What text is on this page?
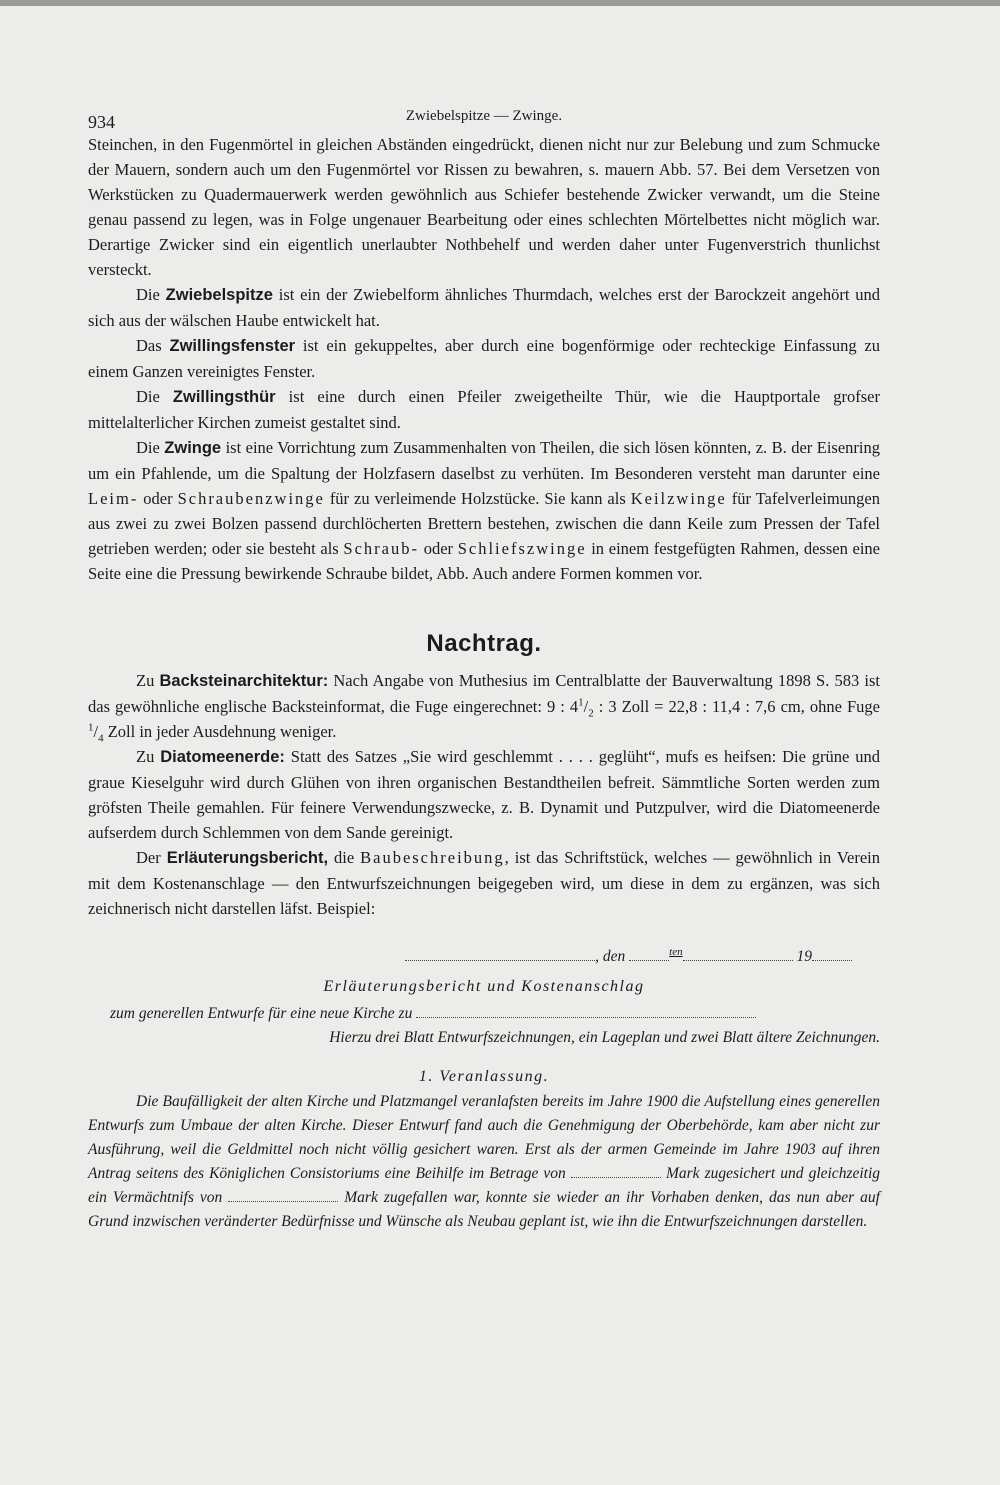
934	Zwiebelspitze — Zwinge.

Steinchen, in den Fugenmörtel in gleichen Abständen eingedrückt, dienen nicht nur zur Belebung und zum Schmucke der Mauern, sondern auch um den Fugenmörtel vor Rissen zu bewahren, s. mauern Abb. 57. Bei dem Versetzen von Werkstücken zu Quadermauerwerk werden gewöhnlich aus Schiefer bestehende Zwicker verwandt, um die Steine genau passend zu legen, was in Folge ungenauer Bearbeitung oder eines schlechten Mörtelbettes nicht möglich war. Derartige Zwicker sind ein eigentlich unerlaubter Nothbehelf und werden daher unter Fugenverstrich thunlichst versteckt.

Die Zwiebelspitze ist ein der Zwiebelform ähnliches Thurmdach, welches erst der Barockzeit angehört und sich aus der wälschen Haube entwickelt hat.

Das Zwillingsfenster ist ein gekuppeltes, aber durch eine bogenförmige oder rechteckige Einfassung zu einem Ganzen vereinigtes Fenster.

Die Zwillingsthür ist eine durch einen Pfeiler zweigetheilte Thür, wie die Hauptportale grofser mittelalterlicher Kirchen zumeist gestaltet sind.

Die Zwinge ist eine Vorrichtung zum Zusammenhalten von Theilen, die sich lösen könnten, z. B. der Eisenring um ein Pfahlende, um die Spaltung der Holzfasern daselbst zu verhüten. Im Besonderen versteht man darunter eine Leim- oder Schraubenzwinge für zu verleimende Holzstücke. Sie kann als Keilzwinge für Tafelverleimungen aus zwei zu zwei Bolzen passend durchlöcherten Brettern bestehen, zwischen die dann Keile zum Pressen der Tafel getrieben werden; oder sie besteht als Schraub- oder Schliefszwinge in einem festgefügten Rahmen, dessen eine Seite eine die Pressung bewirkende Schraube bildet, Abb. Auch andere Formen kommen vor.

Nachtrag.

Zu Backsteinarchitektur: Nach Angabe von Muthesius im Centralblatte der Bauverwaltung 1898 S. 583 ist das gewöhnliche englische Backsteinformat, die Fuge eingerechnet: 9 : $4^1/_2$ : 3 Zoll = 22,8 : 11,4 : 7,6 cm, ohne Fuge $^1/_4$ Zoll in jeder Ausdehnung weniger.

Zu Diatomeenerde: Statt des Satzes „Sie wird geschlemmt . . . . geglüht“, mufs es heifsen: Die grüne und graue Kieselguhr wird durch Glühen von ihren organischen Bestandtheilen befreit. Sämmtliche Sorten werden zum gröfsten Theile gemahlen. Für feinere Verwendungszwecke, z. B. Dynamit und Putzpulver, wird die Diatomeenerde aufserdem durch Schlemmen von dem Sande gereinigt.

Der Erläuterungsbericht, die Baubeschreibung, ist das Schriftstück, welches — gewöhnlich in Verein mit dem Kostenanschlage — den Entwurfszeichnungen beigegeben wird, um diese in dem zu ergänzen, was sich zeichnerisch nicht darstellen läfst. Beispiel:

, den	$^{ten}$	19
Erläuterungsbericht und Kostenanschlag
zum generellen Entwurfe für eine neue Kirche zu
Hierzu drei Blatt Entwurfszeichnungen, ein Lageplan und zwei Blatt ältere Zeichnungen.
1. Veranlassung.

Die Baufälligkeit der alten Kirche und Platzmangel veranlafsten bereits im Jahre 1900 die Aufstellung eines generellen Entwurfs zum Umbaue der alten Kirche. Dieser Entwurf fand auch die Genehmigung der Oberbehörde, kam aber nicht zur Ausführung, weil die Geldmittel noch nicht völlig gesichert waren. Erst als der armen Gemeinde im Jahre 1903 auf ihren Antrag seitens des Königlichen Consistoriums eine Beihilfe im Betrage von	Mark zugesichert und gleichzeitig ein Vermächtnifs von	Mark zugefallen war, konnte sie wieder an ihr Vorhaben denken, das nun aber auf Grund inzwischen veränderter Bedürfnisse und Wünsche als Neubau geplant ist, wie ihn die Entwurfszeichnungen darstellen.
